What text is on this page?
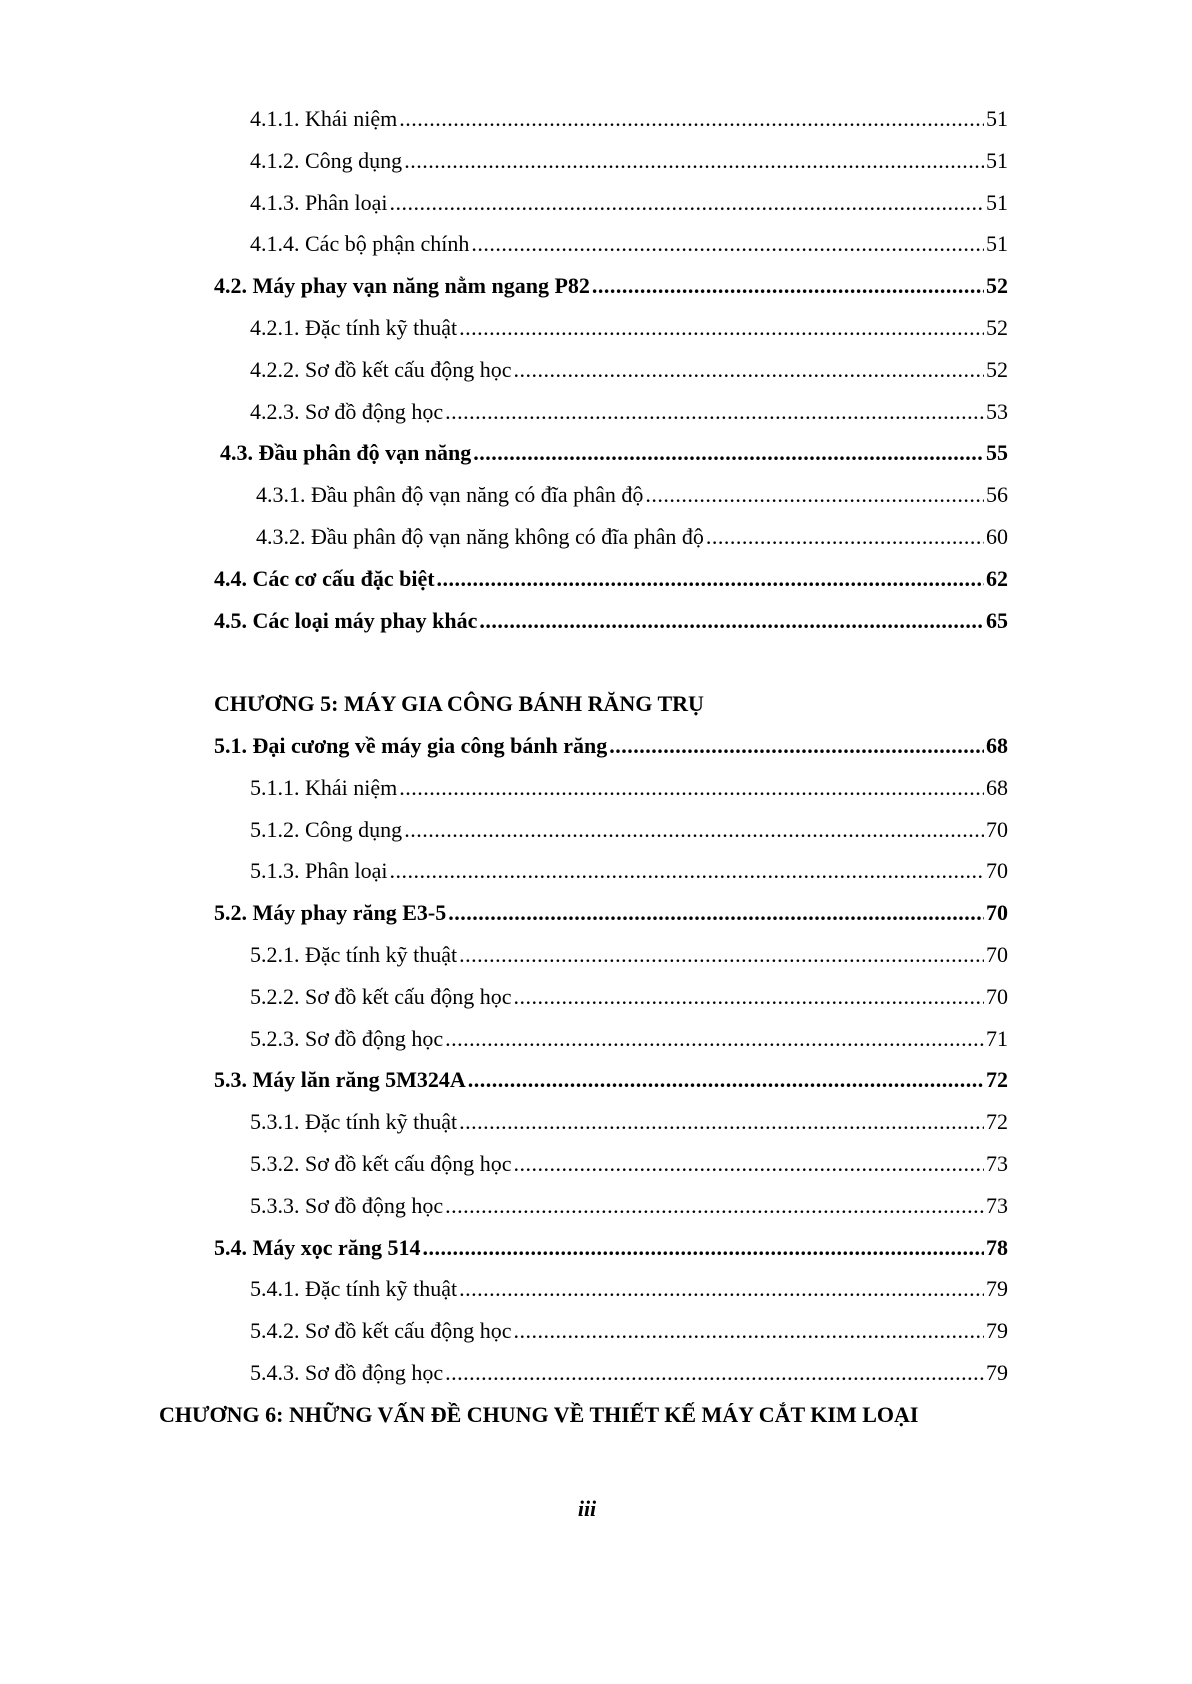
4.1.1. Khái niệm .....	51
4.1.2. Công dụng .....	51
4.1.3. Phân loại .....	51
4.1.4. Các bộ phận chính .....	51
4.2. Máy phay vạn năng nằm ngang P82 .....	52
4.2.1. Đặc tính kỹ thuật .....	52
4.2.2. Sơ đồ kết cấu động học .....	52
4.2.3. Sơ đồ động học .....	53
4.3. Đầu phân độ vạn năng .....	55
4.3.1. Đầu phân độ vạn năng có đĩa phân độ .....	56
4.3.2. Đầu phân độ vạn năng không có đĩa phân độ .....	60
4.4. Các cơ cấu đặc biệt .....	62
4.5. Các loại máy phay khác .....	65
CHƯƠNG 5: MÁY GIA CÔNG BÁNH RĂNG TRỤ
5.1. Đại cương về máy gia công bánh răng .....	68
5.1.1. Khái niệm .....	68
5.1.2. Công dụng .....	70
5.1.3. Phân loại .....	70
5.2. Máy phay răng E3-5 .....	70
5.2.1. Đặc tính kỹ thuật .....	70
5.2.2. Sơ đồ kết cấu động học .....	70
5.2.3. Sơ đồ động học .....	71
5.3. Máy lăn răng 5M324A .....	72
5.3.1. Đặc tính kỹ thuật .....	72
5.3.2. Sơ đồ kết cấu động học .....	73
5.3.3. Sơ đồ động học .....	73
5.4. Máy xọc răng 514 .....	78
5.4.1. Đặc tính kỹ thuật .....	79
5.4.2. Sơ đồ kết cấu động học .....	79
5.4.3. Sơ đồ động học .....	79
CHƯƠNG 6: NHỮNG VẤN ĐỀ CHUNG VỀ THIẾT KẾ MÁY CẮT KIM LOẠI
iii
